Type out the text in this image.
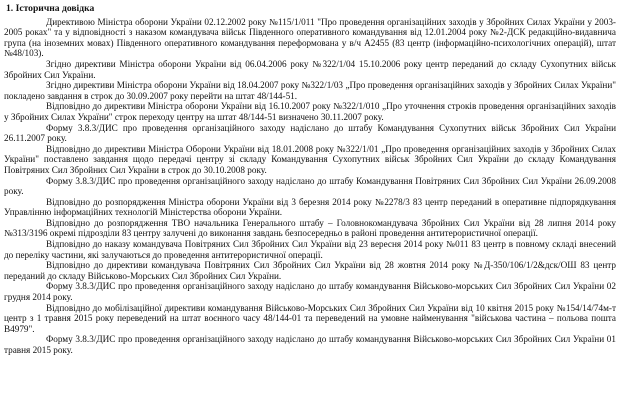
1. Історична довідка

Директивою Міністра оборони України 02.12.2002 року №115/1/011 "Про проведення організаційних заходів у Збройних Силах України у 2003-2005 роках" та у відповідності з наказом командувача військ Південного оперативного командування від 12.01.2004 року №2-ДСК редакційно-видавнича група (на іноземних мовах) Південного оперативного командування переформована у в/ч А2455 (83 центр (інформаційно-психологічних операцій), штат №48/103).

Згідно директиви Міністра оборони України від 06.04.2006 року №322/1/04 15.10.2006 року центр переданий до складу Сухопутних військ Збройних Сил України.

Згідно директиви Міністра оборони України від 18.04.2007 року №322/1/03 „Про проведення організаційних заходів у Збройних Силах України" покладено завдання в строк до 30.09.2007 року перейти на штат 48/144-51.

Відповідно до директиви Міністра оборони України від 16.10.2007 року №322/1/010 „Про уточнення строків проведення організаційних заходів у Збройних Силах України" строк переходу центру на штат 48/144-51 визначено 30.11.2007 року.

Форму 3.8.3/ДИС про проведення організаційного заходу надіслано до штабу Командування Сухопутних військ Збройних Сил України 26.11.2007 року.

Відповідно до директиви Міністра Оборони України від 18.01.2008 року №322/1/01 „Про проведення організаційних заходів у Збройних Силах України" поставлено завдання щодо передачі центру зі складу Командування Сухопутних військ Збройних Сил України до складу Командування Повітряних Сил Збройних Сил України в строк до 30.10.2008 року.

Форму 3.8.3/ДИС про проведення організаційного заходу надіслано до штабу Командування Повітряних Сил Збройних Сил України 26.09.2008 року.

Відповідно до розпорядження Міністра оборони України від 3 березня 2014 року №2278/3 83 центр переданий в оперативне підпорядкування Управлінню інформаційних технологій Міністерства оборони України.

Відповідно до розпорядження ТВО начальника Генерального штабу – Головнокомандувача Збройних Сил України від 28 липня 2014 року №313/3196 окремі підрозділи 83 центру залучені до виконання завдань безпосередньо в районі проведення антитерористичної операції.

Відповідно до наказу командувача Повітряних Сил Збройних Сил України від 23 вересня 2014 року №011 83 центр в повному складі внесений до переліку частини, які залучаються до проведення антитерористичної операції.

Відповідно до директиви командувача Повітряних Сил Збройних Сил України від 28 жовтня 2014 року №Д-350/106/1/2&дск/ОШ 83 центр переданий до складу Військово-Морських Сил Збройних Сил України.

Форму 3.8.3/ДИС про проведення організаційного заходу надіслано до штабу командування Військово-морських Сил Збройних Сил України 02 грудня 2014 року.

Відповідно до мобілізаційної директиви командування Військово-Морських Сил Збройних Сил України від 10 квітня 2015 року №154/14/74м-т центр з 1 травня 2015 року переведений на штат воєнного часу 48/144-01 та переведений на умовне найменування "військова частина – польова пошта В4979".

Форму 3.8.3/ДИС про проведення організаційного заходу надіслано до штабу командування Військово-морських Сил Збройних Сил України 01 травня 2015 року.
